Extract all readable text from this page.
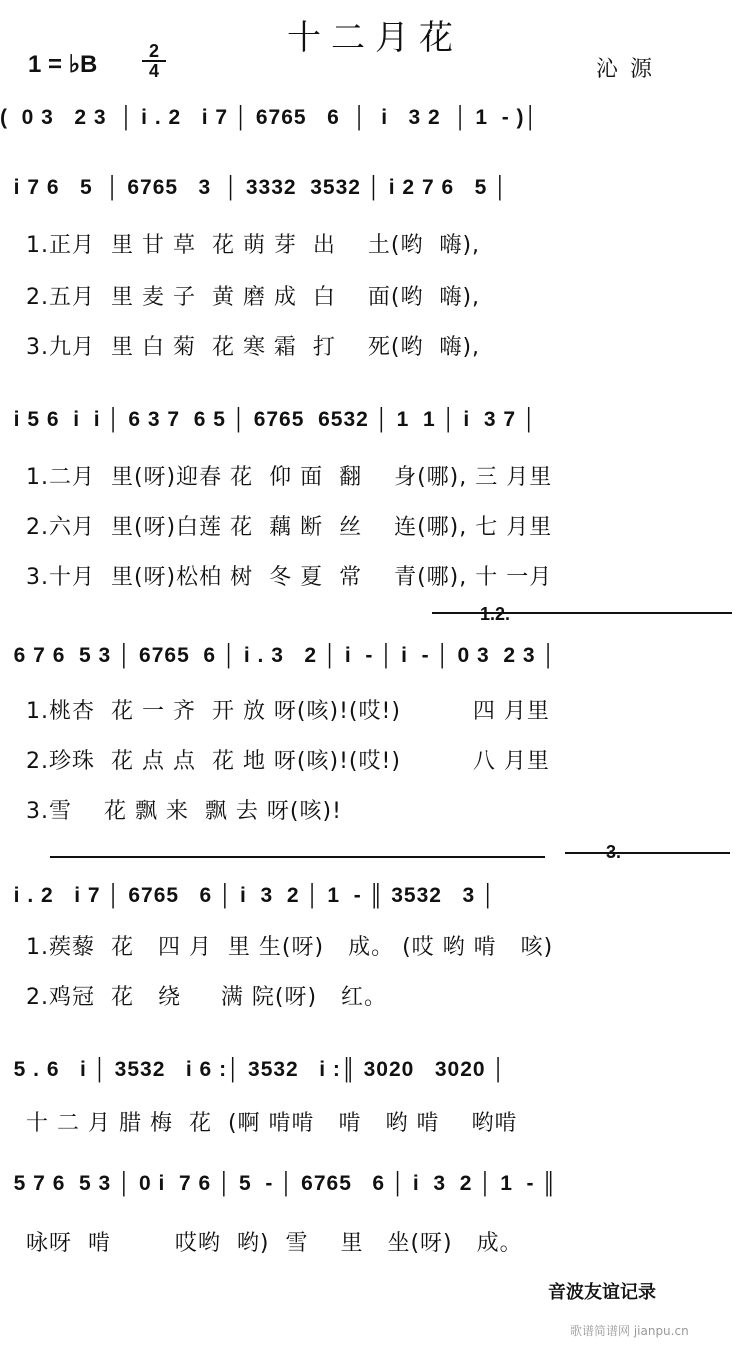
十二月花
1 = ♭B $\frac{2}{4}$	沁源
(  0 3   2 3  │ i . 2   i 7 │ 6765   6  │  i   3 2  │ 1  - )│
i 7 6   5  │ 6765   3  │ 3332  3532 │ i 2 7 6   5 │
1.正月  里 甘 草  花 萌 芽  出    土(哟  嗨),
2.五月  里 麦 子  黄 磨 成  白    面(哟  嗨),
3.九月  里 白 菊  花 寒 霜  打    死(哟  嗨),
i 5 6  i  i │ 6 3 7  6 5 │ 6765  6532 │ 1  1 │ i  3 7 │
1.二月  里(呀)迎春 花  仰 面  翻    身(哪), 三 月里
2.六月  里(呀)白莲 花  藕 断  丝    连(哪), 七 月里
3.十月  里(呀)松柏 树  冬 夏  常    青(哪), 十 一月
1.2.
6 7 6  5 3 │ 6765  6 │ i . 3   2 │ i  - │ i  - │ 0 3  2 3 │
1.桃杏  花 一 齐  开 放 呀(咳)!(哎!)         四 月里
2.珍珠  花 点 点  花 地 呀(咳)!(哎!)         八 月里
3.雪    花 飘 来  飘 去 呀(咳)!
3.
i . 2   i 7 │ 6765   6 │ i  3  2 │ 1  - ║ 3532   3 │
1.蒺藜  花   四 月  里 生(呀)   成。 (哎 哟 啃   咳)
2.鸡冠  花   绕     满 院(呀)   红。
5 . 6   i │ 3532   i 6 :│ 3532   i :║ 3020   3020 │
十 二 月 腊 梅  花  (啊 啃啃   啃   哟 啃    哟啃
5 7 6  5 3 │ 0 i  7 6 │ 5  - │ 6765   6 │ i  3  2 │ 1  - ║
咏呀  啃        哎哟  哟)  雪    里   坐(呀)   成。
音波友谊记录
歌谱简谱网 jianpu.cn
